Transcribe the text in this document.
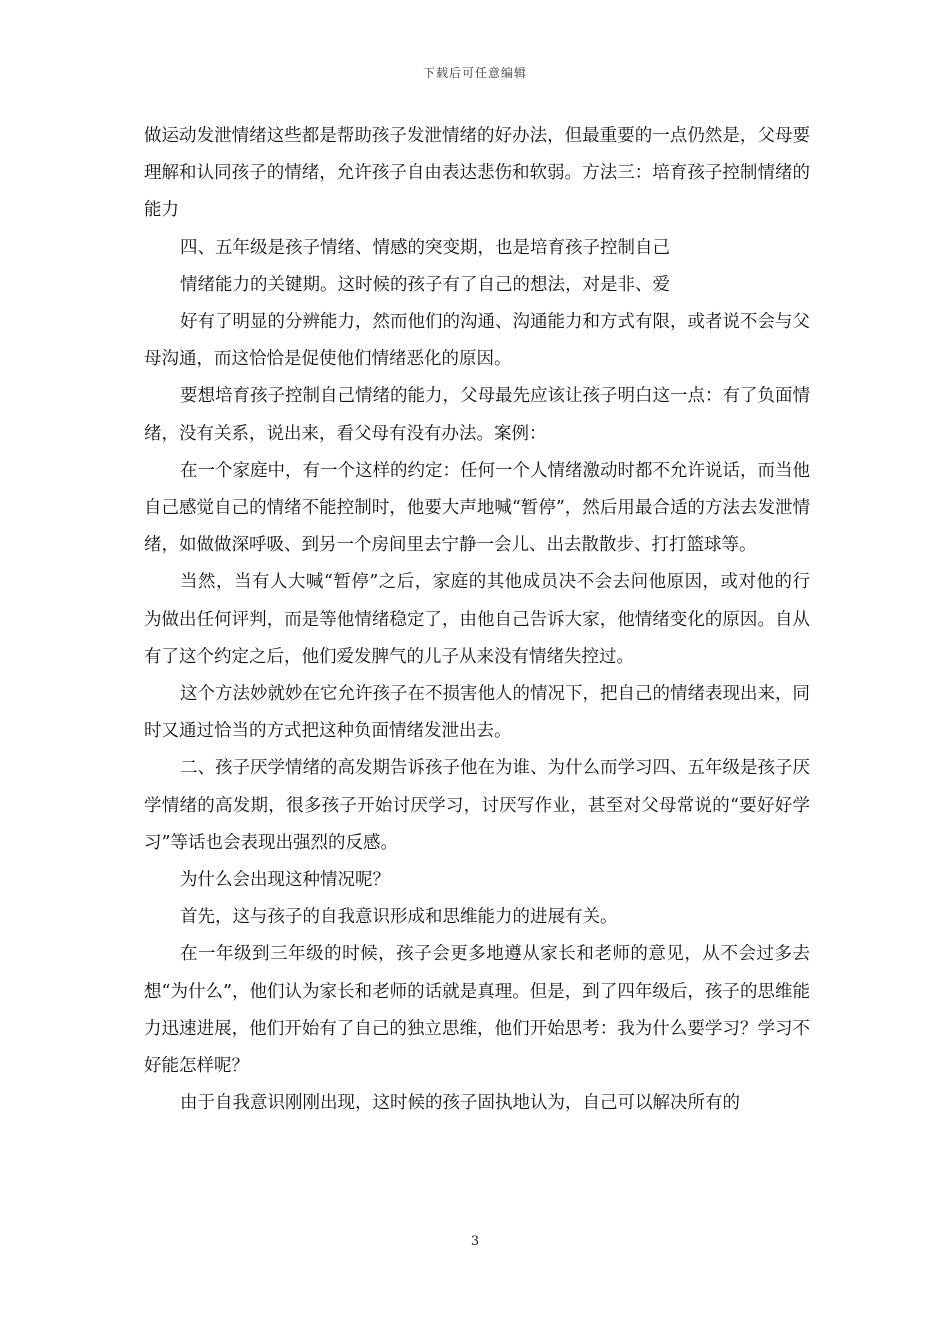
下载后可任意编辑

做运动发泄情绪这些都是帮助孩子发泄情绪的好办法，但最重要的一点仍然是，父母要理解和认同孩子的情绪，允许孩子自由表达悲伤和软弱。方法三：培育孩子控制情绪的能力

四、五年级是孩子情绪、情感的突变期，也是培育孩子控制自己

情绪能力的关键期。这时候的孩子有了自己的想法，对是非、爱

好有了明显的分辨能力，然而他们的沟通、沟通能力和方式有限，或者说不会与父母沟通，而这恰恰是促使他们情绪恶化的原因。

要想培育孩子控制自己情绪的能力，父母最先应该让孩子明白这一点：有了负面情绪，没有关系，说出来，看父母有没有办法。案例：

在一个家庭中，有一个这样的约定：任何一个人情绪激动时都不允许说话，而当他自己感觉自己的情绪不能控制时，他要大声地喊“暂停”，然后用最合适的方法去发泄情绪，如做做深呼吸、到另一个房间里去宁静一会儿、出去散散步、打打篮球等。

当然，当有人大喊“暂停”之后，家庭的其他成员决不会去问他原因，或对他的行为做出任何评判，而是等他情绪稳定了，由他自己告诉大家，他情绪变化的原因。自从有了这个约定之后，他们爱发脾气的儿子从来没有情绪失控过。

这个方法妙就妙在它允许孩子在不损害他人的情况下，把自己的情绪表现出来，同时又通过恰当的方式把这种负面情绪发泄出去。

二、孩子厌学情绪的高发期告诉孩子他在为谁、为什么而学习四、五年级是孩子厌学情绪的高发期，很多孩子开始讨厌学习，讨厌写作业，甚至对父母常说的“要好好学习”等话也会表现出强烈的反感。

为什么会出现这种情况呢？

首先，这与孩子的自我意识形成和思维能力的进展有关。

在一年级到三年级的时候，孩子会更多地遵从家长和老师的意见，从不会过多去想“为什么”，他们认为家长和老师的话就是真理。但是，到了四年级后，孩子的思维能力迅速进展，他们开始有了自己的独立思维，他们开始思考：我为什么要学习？学习不好能怎样呢？

由于自我意识刚刚出现，这时候的孩子固执地认为，自己可以解决所有的

3
